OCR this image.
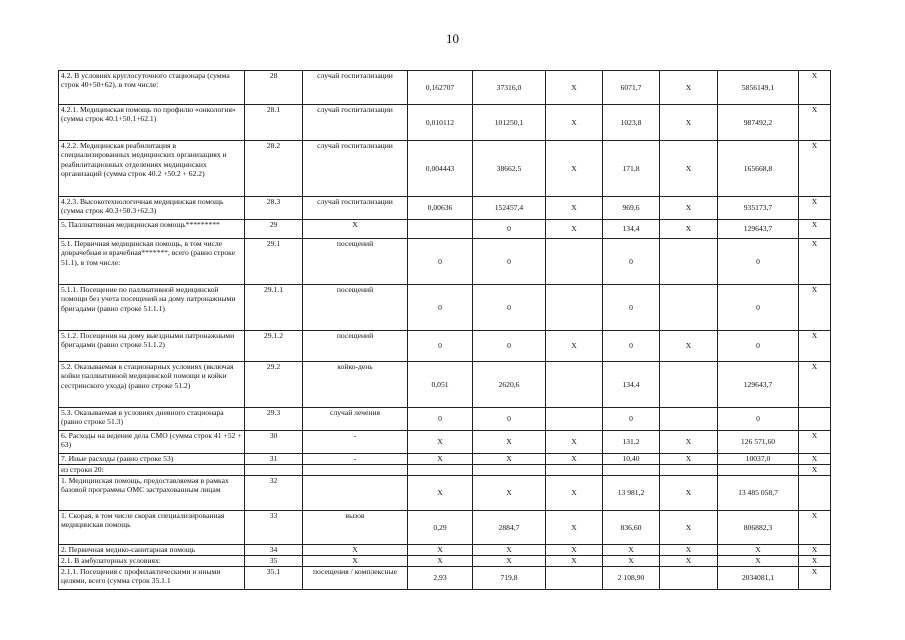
10
4.2. В условиях круглосуточного стационара (сумма строк 40+50+62), в том числе:	28	случай госпитализации	0,162707	37316,0	X	6071,7	X	5856149,1	X
4.2.1. Медицинская помощь по профилю «онкология» (сумма строк 40.1+50.1+62.1)	28.1	случай госпитализации	0,010112	101250,1	X	1023,8	X	987492,2	X
4.2.2. Медицинская реабилитация в специализированных медицинских организациях и реабилитационных отделениях медицинских организаций (сумма строк 40.2 +50.2 + 62.2)	28.2	случай госпитализации	0,004443	38662,5	X	171,8	X	165668,8	X
4.2.3. Высокотехнологичная медицинская помощь (сумма строк 40.3+50.3+62.3)	28.3	случай госпитализации	0,00636	152457,4	X	969,6	X	935173,7	X
5. Паллиативная медицинская помощь*********	29	X		0	X	134,4	X	129643,7	X
5.1. Первичная медицинская помощь, в том числе доврачебная и врачебная*******, всего (равно строке 51.1), в том числе:	29.1	посещений	0	0		0		0	X
5.1.1. Посещение по паллиативной медицинской помощи без учета посещений на дому патронажными бригадами (равно строке 51.1.1)	29.1.1	посещений	0	0		0		0	X
5.1.2. Посещения на дому выездными патронажными бригадами (равно строке 51.1.2)	29.1.2	посещений	0	0	X	0	X	0	X
5.2. Оказываемая в стационарных условиях (включая койки паллиативной медицинской помощи и койки сестринского ухода) (равно строке 51.2)	29.2	койко-день	0,051	2620,6		134,4		129643,7	X
5.3. Оказываемая в условиях дневного стационара (равно строке 51.3)	29.3	случай лечения	0	0		0		0	
6. Расходы на ведение дела СМО (сумма строк 41 +52 + 63)	30	-	X	X	X	131,2	X	126 571,60	X
7. Иные расходы (равно строке 53)	31	-	X	X	X	10,40	X	10037,0	X
из строки 20:									X
1. Медицинская помощь, предоставляемая в рамках базовой программы ОМС застрахованным лицам	32		X	X	X	13 981,2	X	13 485 058,7	
1. Скорая, в том числе скорая специализированная медицинская помощь	33	вызов	0,29	2884,7	X	836,60	X	806882,3	X
2. Первичная медико-санитарная помощь	34	X	X	X	X	X	X	X	X
2.1. В амбулаторных условиях:	35	X	X	X	X	X	X	X	X
2.1.1. Посещения с профилактическими и иными целями, всего (сумма строк 35.1.1	35.1	посещения / комплексные	2,93	719,8		2 108,90		2034081,1	X
